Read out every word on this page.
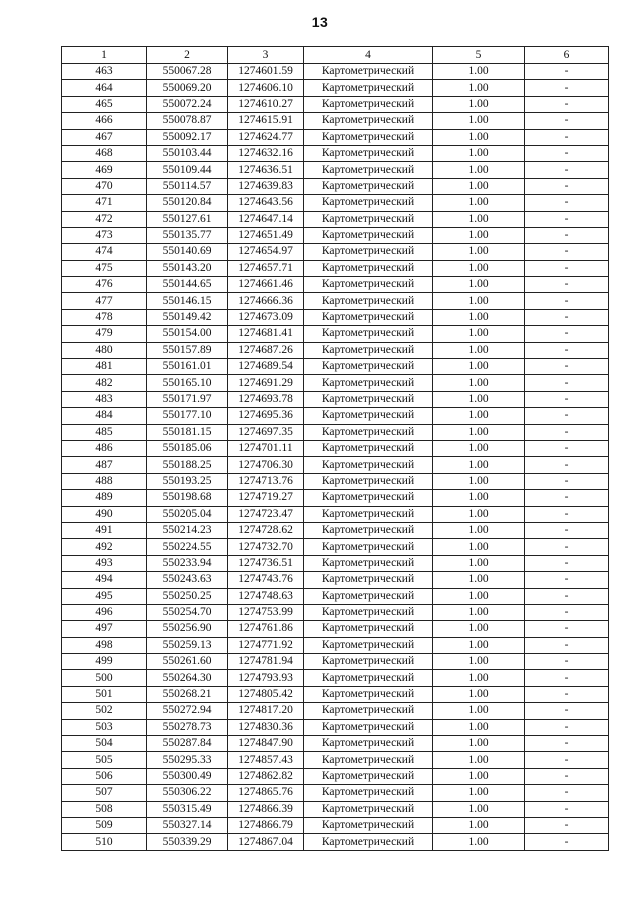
13
1	2	3	4	5	6
463	550067.28	1274601.59	Картометрический	1.00	-
464	550069.20	1274606.10	Картометрический	1.00	-
465	550072.24	1274610.27	Картометрический	1.00	-
466	550078.87	1274615.91	Картометрический	1.00	-
467	550092.17	1274624.77	Картометрический	1.00	-
468	550103.44	1274632.16	Картометрический	1.00	-
469	550109.44	1274636.51	Картометрический	1.00	-
470	550114.57	1274639.83	Картометрический	1.00	-
471	550120.84	1274643.56	Картометрический	1.00	-
472	550127.61	1274647.14	Картометрический	1.00	-
473	550135.77	1274651.49	Картометрический	1.00	-
474	550140.69	1274654.97	Картометрический	1.00	-
475	550143.20	1274657.71	Картометрический	1.00	-
476	550144.65	1274661.46	Картометрический	1.00	-
477	550146.15	1274666.36	Картометрический	1.00	-
478	550149.42	1274673.09	Картометрический	1.00	-
479	550154.00	1274681.41	Картометрический	1.00	-
480	550157.89	1274687.26	Картометрический	1.00	-
481	550161.01	1274689.54	Картометрический	1.00	-
482	550165.10	1274691.29	Картометрический	1.00	-
483	550171.97	1274693.78	Картометрический	1.00	-
484	550177.10	1274695.36	Картометрический	1.00	-
485	550181.15	1274697.35	Картометрический	1.00	-
486	550185.06	1274701.11	Картометрический	1.00	-
487	550188.25	1274706.30	Картометрический	1.00	-
488	550193.25	1274713.76	Картометрический	1.00	-
489	550198.68	1274719.27	Картометрический	1.00	-
490	550205.04	1274723.47	Картометрический	1.00	-
491	550214.23	1274728.62	Картометрический	1.00	-
492	550224.55	1274732.70	Картометрический	1.00	-
493	550233.94	1274736.51	Картометрический	1.00	-
494	550243.63	1274743.76	Картометрический	1.00	-
495	550250.25	1274748.63	Картометрический	1.00	-
496	550254.70	1274753.99	Картометрический	1.00	-
497	550256.90	1274761.86	Картометрический	1.00	-
498	550259.13	1274771.92	Картометрический	1.00	-
499	550261.60	1274781.94	Картометрический	1.00	-
500	550264.30	1274793.93	Картометрический	1.00	-
501	550268.21	1274805.42	Картометрический	1.00	-
502	550272.94	1274817.20	Картометрический	1.00	-
503	550278.73	1274830.36	Картометрический	1.00	-
504	550287.84	1274847.90	Картометрический	1.00	-
505	550295.33	1274857.43	Картометрический	1.00	-
506	550300.49	1274862.82	Картометрический	1.00	-
507	550306.22	1274865.76	Картометрический	1.00	-
508	550315.49	1274866.39	Картометрический	1.00	-
509	550327.14	1274866.79	Картометрический	1.00	-
510	550339.29	1274867.04	Картометрический	1.00	-
